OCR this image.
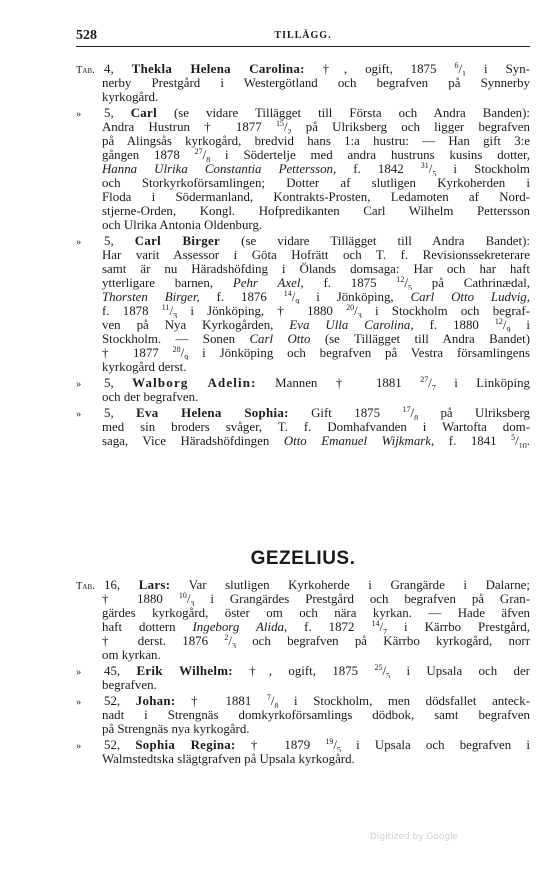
528	TILLÄGG.
Tab. 4, Thekla Helena Carolina: †, ogift, 1875 $^6/_1$ i Syn-
nerby Prestgård i Westergötland och begrafven på Synnerby
kyrkogård.
» 5, Carl (se vidare Tillägget till Första och Andra Banden):
Andra Hustrun † 1877 $^{15}/_2$ på Ulriksberg och ligger begrafven
på Alingsås kyrkogård, bredvid hans 1:a hustru: — Han gift 3:e
gången 1878 $^{27}/_8$ i Södertelje med andra hustruns kusins dotter,
Hanna Ulrika Constantia Pettersson, f. 1842 $^{31}/_5$ i Stockholm
och Storkyrkoförsamlingen; Dotter af slutligen Kyrkoherden i
Floda i Södermanland, Kontrakts-Prosten, Ledamoten af Nord-
stjerne-Orden, Kongl. Hofpredikanten Carl Wilhelm Pettersson
och Ulrika Antonia Oldenburg.
» 5, Carl Birger (se vidare Tillägget till Andra Bandet):
Har varit Assessor i Göta Hofrätt och T. f. Revisionssekreterare
samt är nu Häradshöfding i Ölands domsaga: Har och har haft
ytterligare barnen, Pehr Axel, f. 1875 $^{12}/_5$ på Cathrinædal,
Thorsten Birger, f. 1876 $^{14}/_9$ i Jönköping, Carl Otto Ludvig,
f. 1878 $^{11}/_3$ i Jönköping, † 1880 $^{20}/_3$ i Stockholm och begraf-
ven på Nya Kyrkogården, Eva Ulla Carolina, f. 1880 $^{12}/_9$ i
Stockholm. — Sonen Carl Otto (se Tillägget till Andra Bandet)
† 1877 $^{28}/_9$ i Jönköping och begrafven på Vestra församlingens
kyrkogård derst.
» 5, Walborg Adelin: Mannen † 1881 $^{27}/_7$ i Linköping
och der begrafven.
» 5, Eva Helena Sophia: Gift 1875	$^{17}/_8$ på Ulriksberg
med sin broders svåger, T. f. Domhafvanden i Wartofta dom-
saga, Vice Häradshöfdingen Otto Emanuel Wijkmark, f. 1841 $^5/_{10}$.
GEZELIUS.
Tab. 16, Lars: Var slutligen Kyrkoherde i Grangärde i Dalarne;
† 1880 $^{10}/_3$ i Grangärdes Prestgård och begrafven på Gran-
gärdes kyrkogård, öster om och nära kyrkan. — Hade äfven
haft dottern Ingeborg Alida, f. 1872 $^{14}/_7$ i Kärrbo Prestgård,
† derst. 1876 $^2/_3$ och begrafven på Kärrbo kyrkogård, norr
om kyrkan.
» 45, Erik Wilhelm: †, ogift, 1875 $^{25}/_5$ i Upsala och der
begrafven.
» 52, Johan: † 1881 $^7/_8$ i Stockholm, men dödsfallet anteck-
nadt i Strengnäs domkyrkoförsamlings dödbok, samt begrafven
på Strengnäs nya kyrkogård.
» 52, Sophia Regina: † 1879 $^{19}/_5$ i Upsala och begrafven i
Walmstedtska slägtgrafven på Upsala kyrkogård.
Digitized by Google
